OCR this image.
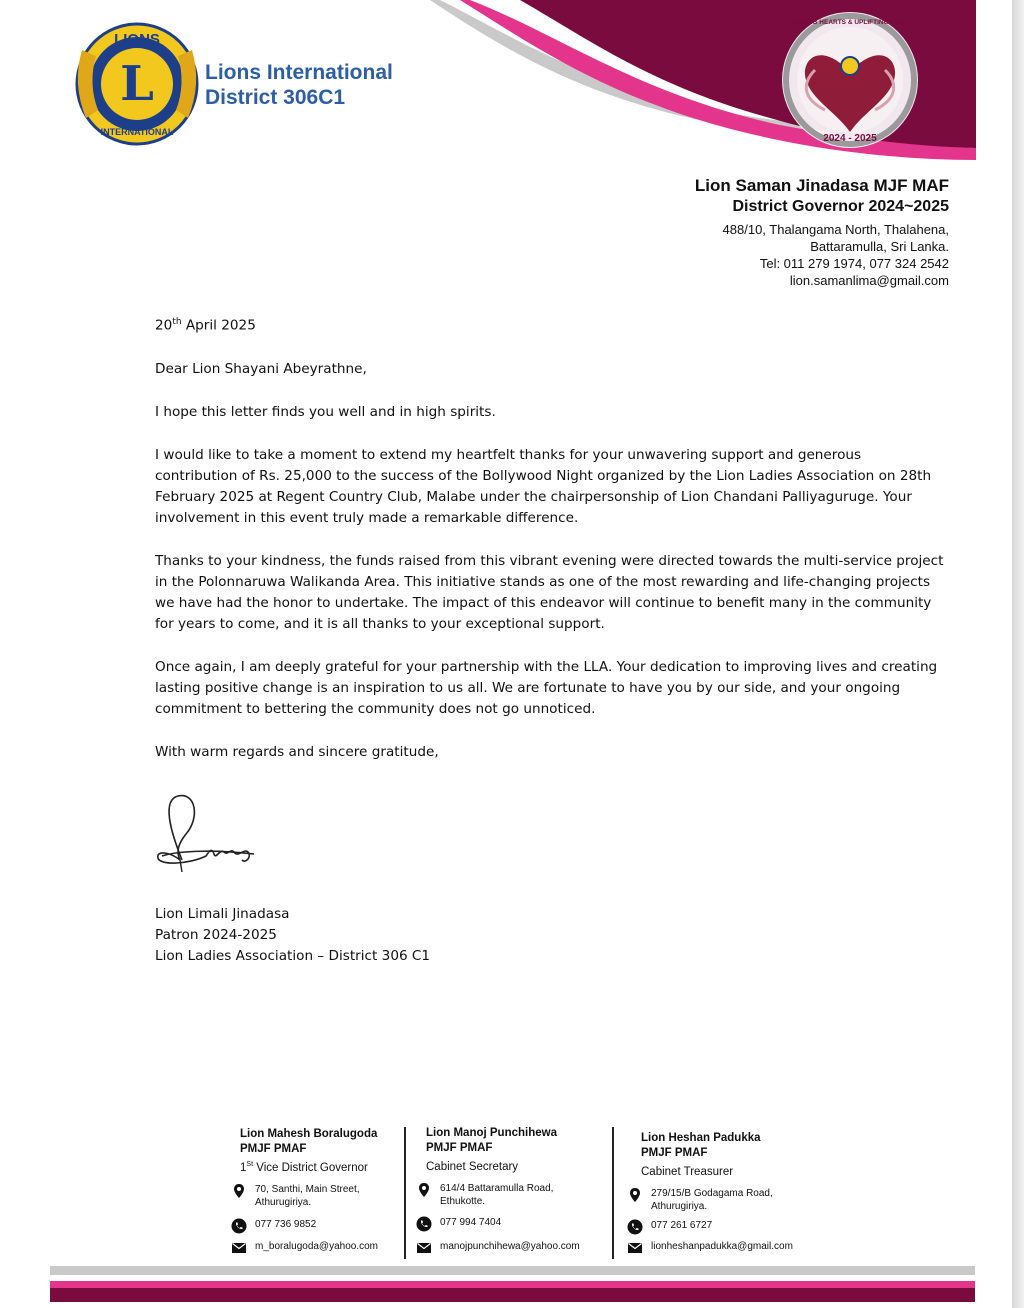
L
LIONS
INTERNATIONAL
2024 - 2025
UNITING HEARTS & UPLIFTING LIVES
Lions International
District 306C1
Lion Saman Jinadasa MJF MAF
District Governor 2024~2025
488/10, Thalangama North, Thalahena,
Battaramulla, Sri Lanka.
Tel: 011 279 1974, 077 324 2542
lion.samanlima@gmail.com

20th April 2025

Dear Lion Shayani Abeyrathne,

I hope this letter finds you well and in high spirits.

I would like to take a moment to extend my heartfelt thanks for your unwavering support and generous contribution of Rs. 25,000 to the success of the Bollywood Night organized by the Lion Ladies Association on 28th February 2025 at Regent Country Club, Malabe under the chairpersonship of Lion Chandani Palliyaguruge. Your involvement in this event truly made a remarkable difference.

Thanks to your kindness, the funds raised from this vibrant evening were directed towards the multi-service project in the Polonnaruwa Walikanda Area. This initiative stands as one of the most rewarding and life-changing projects we have had the honor to undertake. The impact of this endeavor will continue to benefit many in the community for years to come, and it is all thanks to your exceptional support.

Once again, I am deeply grateful for your partnership with the LLA. Your dedication to improving lives and creating lasting positive change is an inspiration to us all. We are fortunate to have you by our side, and your ongoing commitment to bettering the community does not go unnoticed.

With warm regards and sincere gratitude,

Lion Limali Jinadasa
Patron 2024-2025
Lion Ladies Association – District 306 C1
Lion Mahesh Boralugoda
PMJF PMAF
1St Vice District Governor
70, Santhi, Main Street,
Athurugiriya.
077 736 9852
m_boralugoda@yahoo.com
Lion Manoj Punchihewa
PMJF PMAF
Cabinet Secretary
614/4 Battaramulla Road,
Ethukotte.
077 994 7404
manojpunchihewa@yahoo.com
Lion Heshan Padukka
PMJF PMAF
Cabinet Treasurer
279/15/B Godagama Road,
Athurugiriya.
077 261 6727
lionheshanpadukka@gmail.com
